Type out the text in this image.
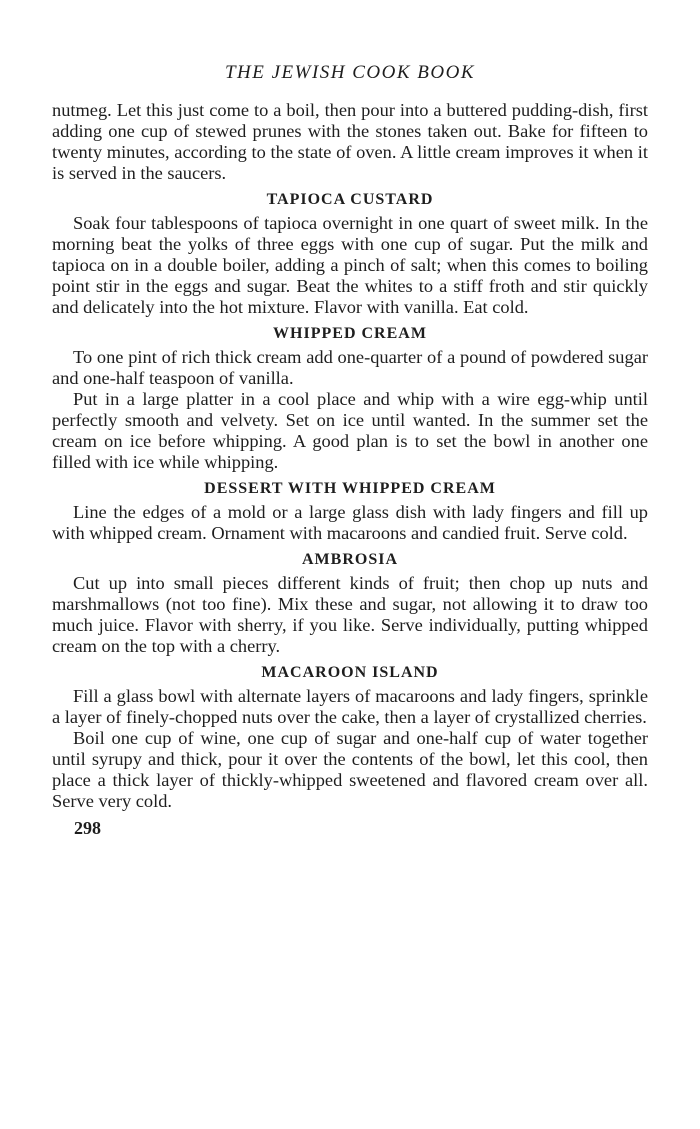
THE JEWISH COOK BOOK

nutmeg. Let this just come to a boil, then pour into a buttered pudding-dish, first adding one cup of stewed prunes with the stones taken out. Bake for fifteen to twenty minutes, according to the state of oven. A little cream improves it when it is served in the saucers.

TAPIOCA CUSTARD

Soak four tablespoons of tapioca overnight in one quart of sweet milk. In the morning beat the yolks of three eggs with one cup of sugar. Put the milk and tapioca on in a double boiler, adding a pinch of salt; when this comes to boiling point stir in the eggs and sugar. Beat the whites to a stiff froth and stir quickly and delicately into the hot mixture. Flavor with vanilla. Eat cold.

WHIPPED CREAM

To one pint of rich thick cream add one-quarter of a pound of powdered sugar and one-half teaspoon of vanilla.

Put in a large platter in a cool place and whip with a wire egg-whip until perfectly smooth and velvety. Set on ice until wanted. In the summer set the cream on ice before whipping. A good plan is to set the bowl in another one filled with ice while whipping.

DESSERT WITH WHIPPED CREAM

Line the edges of a mold or a large glass dish with lady fingers and fill up with whipped cream. Ornament with macaroons and candied fruit. Serve cold.

AMBROSIA

Cut up into small pieces different kinds of fruit; then chop up nuts and marshmallows (not too fine). Mix these and sugar, not allowing it to draw too much juice. Flavor with sherry, if you like. Serve individually, putting whipped cream on the top with a cherry.

MACAROON ISLAND

Fill a glass bowl with alternate layers of macaroons and lady fingers, sprinkle a layer of finely-chopped nuts over the cake, then a layer of crystallized cherries.

Boil one cup of wine, one cup of sugar and one-half cup of water together until syrupy and thick, pour it over the contents of the bowl, let this cool, then place a thick layer of thickly-whipped sweetened and flavored cream over all. Serve very cold.

298
